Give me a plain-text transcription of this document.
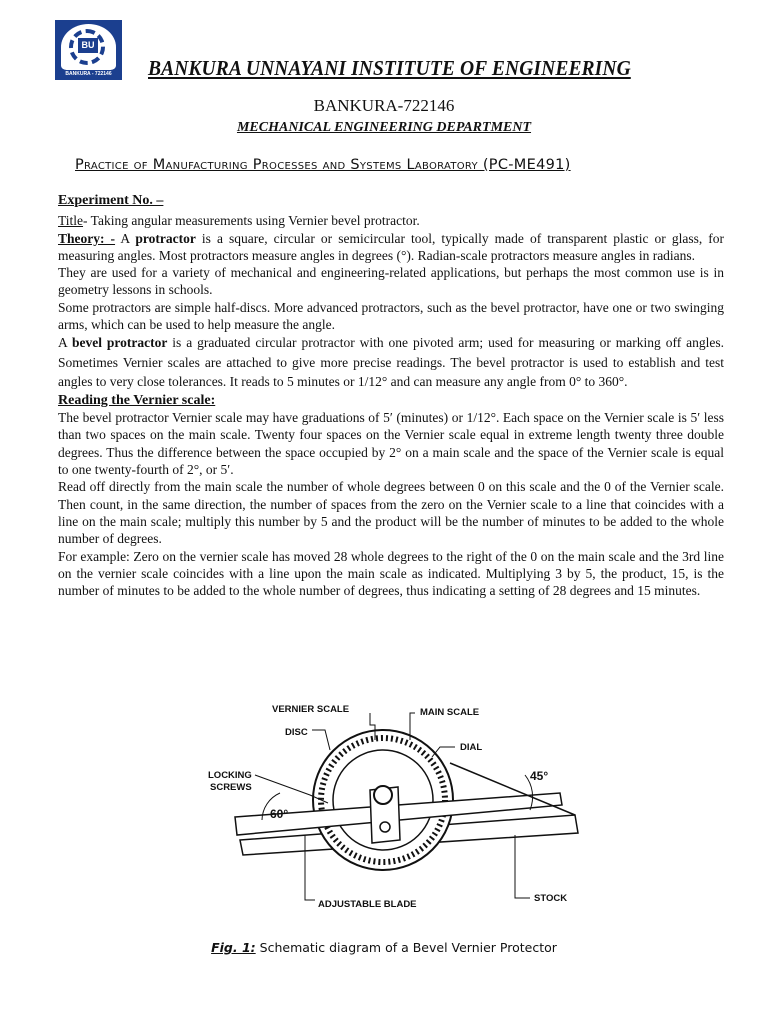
BU
BANKURA - 722146	BANKURA UNNAYANI INSTITUTE OF ENGINEERING
BANKURA-722146
MECHANICAL ENGINEERING DEPARTMENT
Practice of Manufacturing Processes and Systems Laboratory (PC-ME491)

Experiment No. –

Title- Taking angular measurements using Vernier bevel protractor.

Theory: - A protractor is a square, circular or semicircular tool, typically made of transparent plastic or glass, for measuring angles. Most protractors measure angles in degrees (°). Radian-scale protractors measure angles in radians.

They are used for a variety of mechanical and engineering-related applications, but perhaps the most common use is in geometry lessons in schools.

Some protractors are simple half-discs. More advanced protractors, such as the bevel protractor, have one or two swinging arms, which can be used to help measure the angle.

A bevel protractor is a graduated circular protractor with one pivoted arm; used for measuring or marking off angles. Sometimes Vernier scales are attached to give more precise readings. The bevel protractor is used to establish and test angles to very close tolerances. It reads to 5 minutes or 1/12° and can measure any angle from 0° to 360°.

Reading the Vernier scale:

The bevel protractor Vernier scale may have graduations of 5′ (minutes) or 1/12°. Each space on the Vernier scale is 5′ less than two spaces on the main scale. Twenty four spaces on the Vernier scale equal in extreme length twenty three double degrees. Thus the difference between the space occupied by 2° on a main scale and the space of the Vernier scale is equal to one twenty-fourth of 2°, or 5′.

Read off directly from the main scale the number of whole degrees between 0 on this scale and the 0 of the Vernier scale. Then count, in the same direction, the number of spaces from the zero on the Vernier scale to a line that coincides with a line on the main scale; multiply this number by 5 and the product will be the number of minutes to be added to the whole number of degrees.

For example: Zero on the vernier scale has moved 28 whole degrees to the right of the 0 on the main scale and the 3rd line on the vernier scale coincides with a line upon the main scale as indicated. Multiplying 3 by 5, the product, 15, is the number of minutes to be added to the whole number of degrees, thus indicating a setting of 28 degrees and 15 minutes.

VERNIER SCALE	MAIN SCALE
DISC
DIAL
LOCKING
SCREWS
60°
45°
ADJUSTABLE BLADE
STOCK
Fig. 1: Schematic diagram of a Bevel Vernier Protector
